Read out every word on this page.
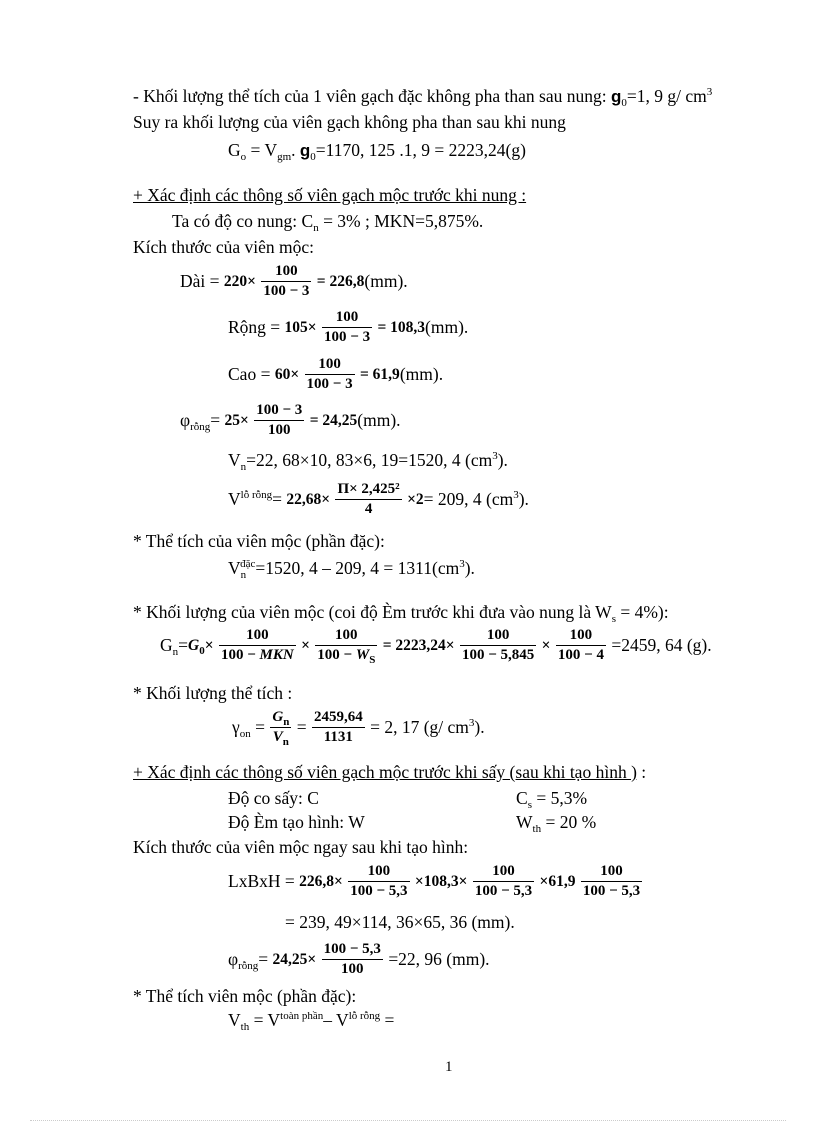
- Khối lượng thể tích của 1 viên gạch đặc không pha than sau nung: $g_0=1$, 9 g/ $cm^3$
Suy ra khối lượng của viên gạch không pha than sau khi nung
$G_o = V_{gm}$. $g_0=1170$, 125 .1, 9 = 2223,24(g)
+ Xác định các thông số viên gạch mộc trước khi nung :
Ta có độ co nung: $C_n = 3\%$ ; MKN=5,875%.
Kích thước của viên mộc:
Dài = $220\times \frac{100}{100 - 3} = 226,8(mm)$.
Rộng = $105\times \frac{100}{100 - 3} = 108,3(mm)$.
Cao = $60\times \frac{100}{100 - 3} = 61,9(mm)$.
$\varphi_{rỗng}= 25\times \frac{100 - 3}{100} = 24,25(mm)$.
$V_n=22$, 68×10, 83×6, 19=1520, 4 $(cm^3)$.
$V^{lỗ rỗng}= 22,68\times \frac{\text{Π× 2,425²}}{4} \times 2= 209$, 4 $(cm^3)$.
* Thể tích của viên mộc (phần đặc):
$V_n^{đặc}=1520$, 4 – 209, $4 = 1311(cm^3)$.
* Khối lượng của viên mộc (coi độ Èm trước khi đưa vào nung là $W_s = 4\%$):
$G_n=G_0\times \frac{100}{\text{100 − MKN}} \times \frac{100}{100 - W_S} = 2223,24\times \frac{100}{100 - 5,845} \times \frac{100}{100 - 4} =2459$, 64 (g).
* Khối lượng thể tích :
$\gamma_{on} = \frac{G_n}{V_n} = \frac{2459,64}{1131} = 2$, 17 (g/ $cm^3$).
+ Xác định các thông số viên gạch mộc trước khi sấy (sau khi tạo hình ) :
Độ co sấy: C	$C_s = 5,3\%$
Độ Èm tạo hình: W	$W_{th} = 20$ %
Kích thước của viên mộc ngay sau khi tạo hình:
LxBxH = $226,8\times \frac{100}{100 - 5,3} \times 108,3\times \frac{100}{100 - 5,3} \times 61,9 \frac{100}{100 - 5,3}$
= 239, 49×114, 36×65, 36 (mm).
$\varphi_{rỗng}= 24,25\times \frac{100 - 5,3}{100} =22$, 96 (mm).
* Thể tích viên mộc (phần đặc):
$V_{th} = V^{toàn phần}-$ $V^{lỗ rỗng}$ =
1
